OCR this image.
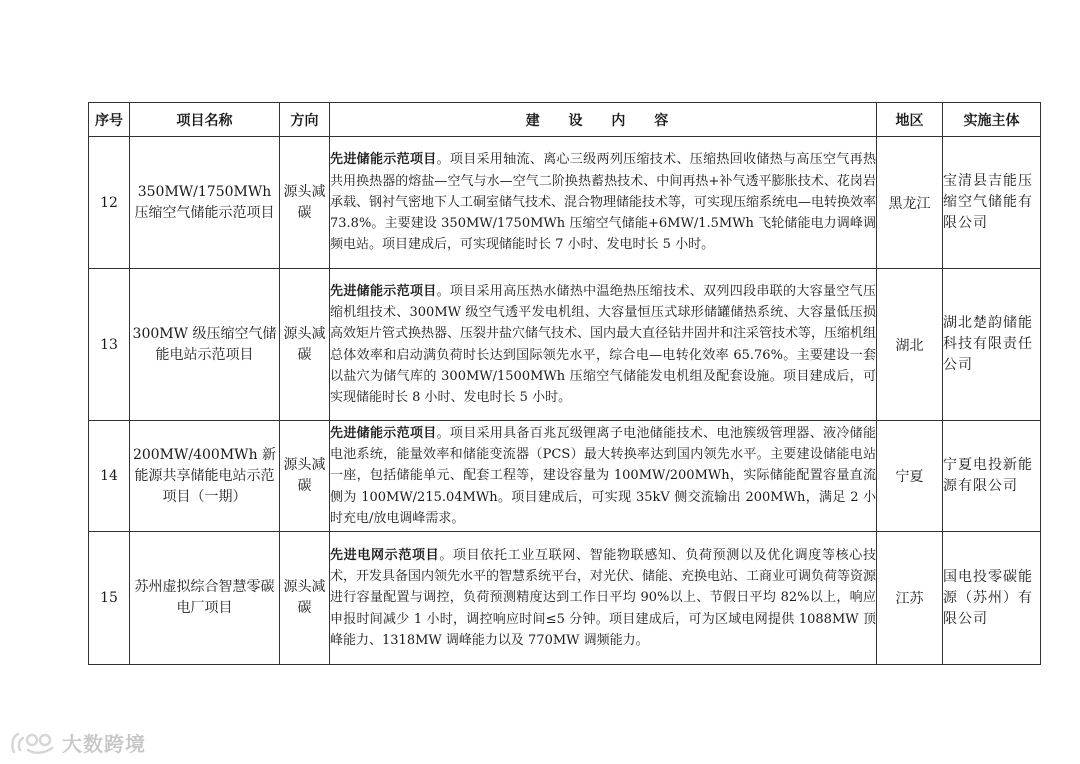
序号	项目名称	方向	建 设 内 容	地区	实施主体
12	350MW/1750MWh 压缩空气储能示范项目	源头减碳	先进储能示范项目。项目采用轴流、离心三级两列压缩技术、压缩热回收储热与高压空气再热共用换热器的熔盐—空气与水—空气二阶换热蓄热技术、中间再热+补气透平膨胀技术、花岗岩承载、钢衬气密地下人工硐室储气技术、混合物理储能技术等，可实现压缩系统电—电转换效率 73.8%。主要建设 350MW/1750MWh 压缩空气储能+6MW/1.5MWh 飞轮储能电力调峰调频电站。项目建成后，可实现储能时长 7 小时、发电时长 5 小时。	黑龙江	宝清县吉能压缩空气储能有限公司
13	300MW 级压缩空气储能电站示范项目	源头减碳	先进储能示范项目。项目采用高压热水储热中温绝热压缩技术、双列四段串联的大容量空气压缩机组技术、300MW 级空气透平发电机组、大容量恒压式球形储罐储热系统、大容量低压损高效矩片管式换热器、压裂井盐穴储气技术、国内最大直径钻井固井和注采管技术等，压缩机组总体效率和启动满负荷时长达到国际领先水平，综合电—电转化效率 65.76%。主要建设一套以盐穴为储气库的 300MW/1500MWh 压缩空气储能发电机组及配套设施。项目建成后，可实现储能时长 8 小时、发电时长 5 小时。	湖北	湖北楚韵储能科技有限责任公司
14	200MW/400MWh 新能源共享储能电站示范项目（一期）	源头减碳	先进储能示范项目。项目采用具备百兆瓦级锂离子电池储能技术、电池簇级管理器、液冷储能电池系统，能量效率和储能变流器（PCS）最大转换率达到国内领先水平。主要建设储能电站一座，包括储能单元、配套工程等，建设容量为 100MW/200MWh，实际储能配置容量直流侧为 100MW/215.04MWh。项目建成后，可实现 35kV 侧交流输出 200MWh，满足 2 小时充电/放电调峰需求。	宁夏	宁夏电投新能源有限公司
15	苏州虚拟综合智慧零碳电厂项目	源头减碳	先进电网示范项目。项目依托工业互联网、智能物联感知、负荷预测以及优化调度等核心技术，开发具备国内领先水平的智慧系统平台，对光伏、储能、充换电站、工商业可调负荷等资源进行容量配置与调控，负荷预测精度达到工作日平均 90%以上、节假日平均 82%以上，响应申报时间减少 1 小时，调控响应时间≤5 分钟。项目建成后，可为区域电网提供 1088MW 顶峰能力、1318MW 调峰能力以及 770MW 调频能力。	江苏	国电投零碳能源（苏州）有限公司
大数跨境
